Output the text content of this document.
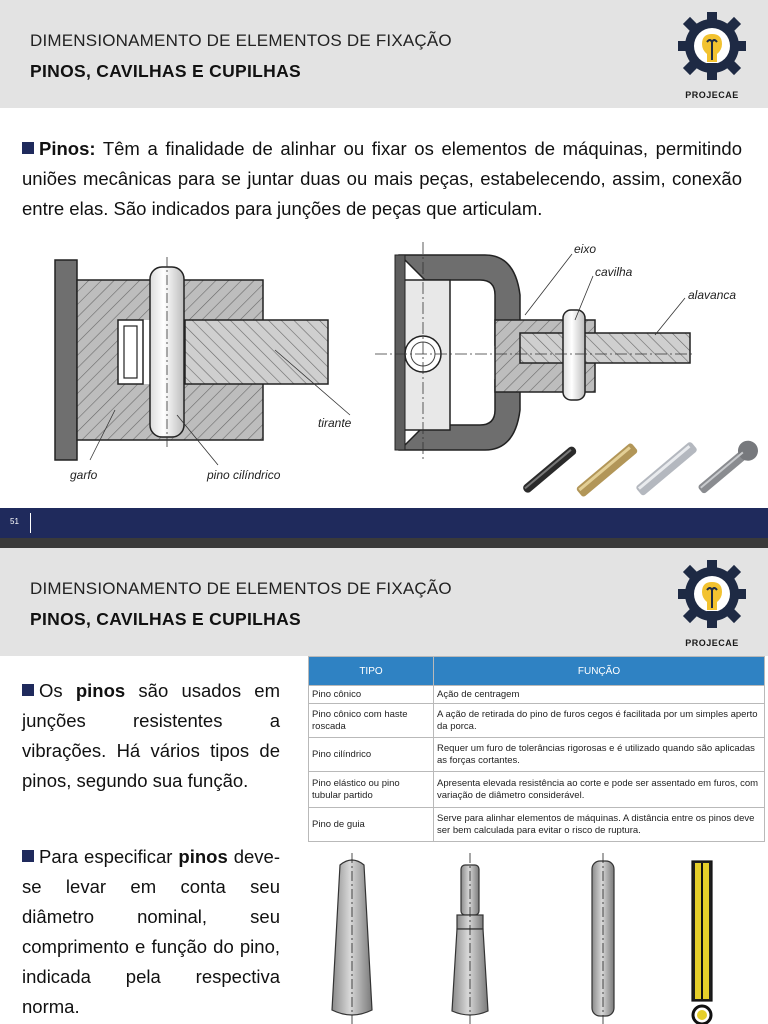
DIMENSIONAMENTO DE ELEMENTOS DE FIXAÇÃO
PINOS, CAVILHAS E CUPILHAS
PROJECAE
Pinos: Têm a finalidade de alinhar ou fixar os elementos de máquinas, permitindo uniões mecânicas para se juntar duas ou mais peças, estabelecendo, assim, conexão entre elas. São indicados para junções de peças que articulam.
tirante
garfo	pino cilíndrico
eixo
cavilha
alavanca
51
DIMENSIONAMENTO DE ELEMENTOS DE FIXAÇÃO
PINOS, CAVILHAS E CUPILHAS
PROJECAE
Os pinos são usados em junções resistentes a vibrações. Há vários tipos de pinos, segundo sua função.
Para especificar pinos deve-se levar em conta seu diâmetro nominal, seu comprimento e função do pino, indicada pela respectiva norma.
TIPO	FUNÇÃO
Pino cônico	Ação de centragem
Pino cônico com haste roscada	A ação de retirada do pino de furos cegos é facilitada por um simples aperto da porca.
Pino cilíndrico	Requer um furo de tolerâncias rigorosas e é utilizado quando são aplicadas as forças cortantes.
Pino elástico ou pino tubular partido	Apresenta elevada resistência ao corte e pode ser assentado em furos, com variação de diâmetro considerável.
Pino de guia	Serve para alinhar elementos de máquinas. A distância entre os pinos deve ser bem calculada para evitar o risco de ruptura.
